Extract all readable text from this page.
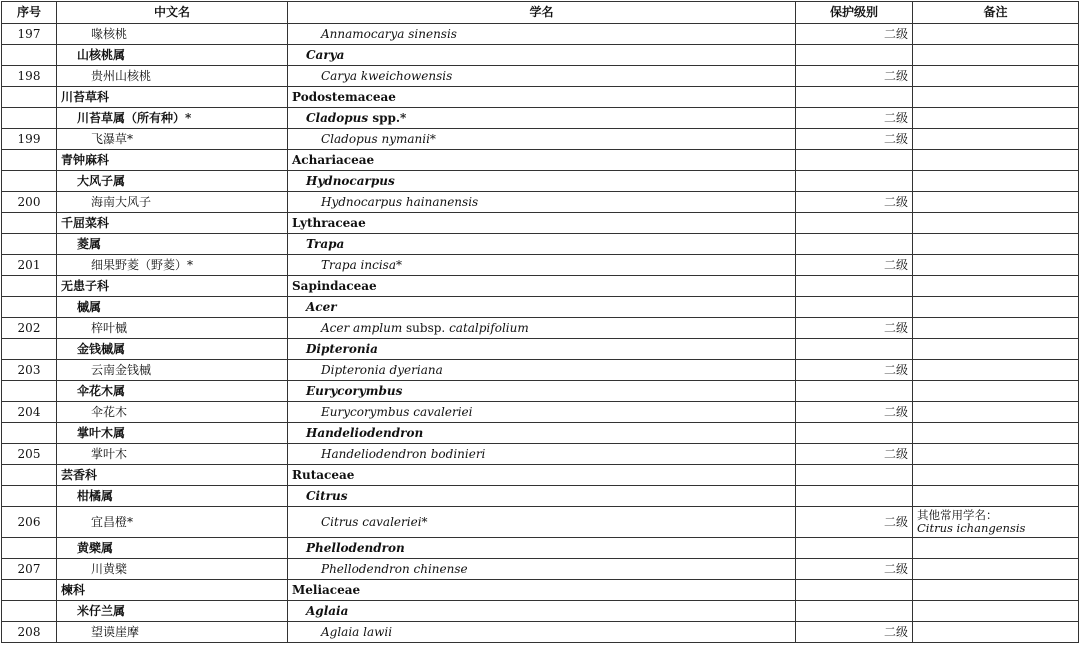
序号	中文名	学名	保护级别	备注
197	喙核桃	Annamocarya sinensis	二级	
	山核桃属	Carya		
198	贵州山核桃	Carya kweichowensis	二级	
	川苔草科	Podostemaceae		
	川苔草属（所有种）*	Cladopus spp.*	二级	
199	飞瀑草*	Cladopus nymanii*	二级	
	青钟麻科	Achariaceae		
	大风子属	Hydnocarpus		
200	海南大风子	Hydnocarpus hainanensis	二级	
	千屈菜科	Lythraceae		
	菱属	Trapa		
201	细果野菱（野菱）*	Trapa incisa*	二级	
	无患子科	Sapindaceae		
	槭属	Acer		
202	梓叶槭	Acer amplum subsp. catalpifolium	二级	
	金钱槭属	Dipteronia		
203	云南金钱槭	Dipteronia dyeriana	二级	
	伞花木属	Eurycorymbus		
204	伞花木	Eurycorymbus cavaleriei	二级	
	掌叶木属	Handeliodendron		
205	掌叶木	Handeliodendron bodinieri	二级	
	芸香科	Rutaceae		
	柑橘属	Citrus		
206	宜昌橙*	Citrus cavaleriei*	二级	其他常用学名：
Citrus ichangensis

	黄檗属	Phellodendron		
207	川黄檗	Phellodendron chinense	二级	
	楝科	Meliaceae		
	米仔兰属	Aglaia		
208	望谟崖摩	Aglaia lawii	二级	
